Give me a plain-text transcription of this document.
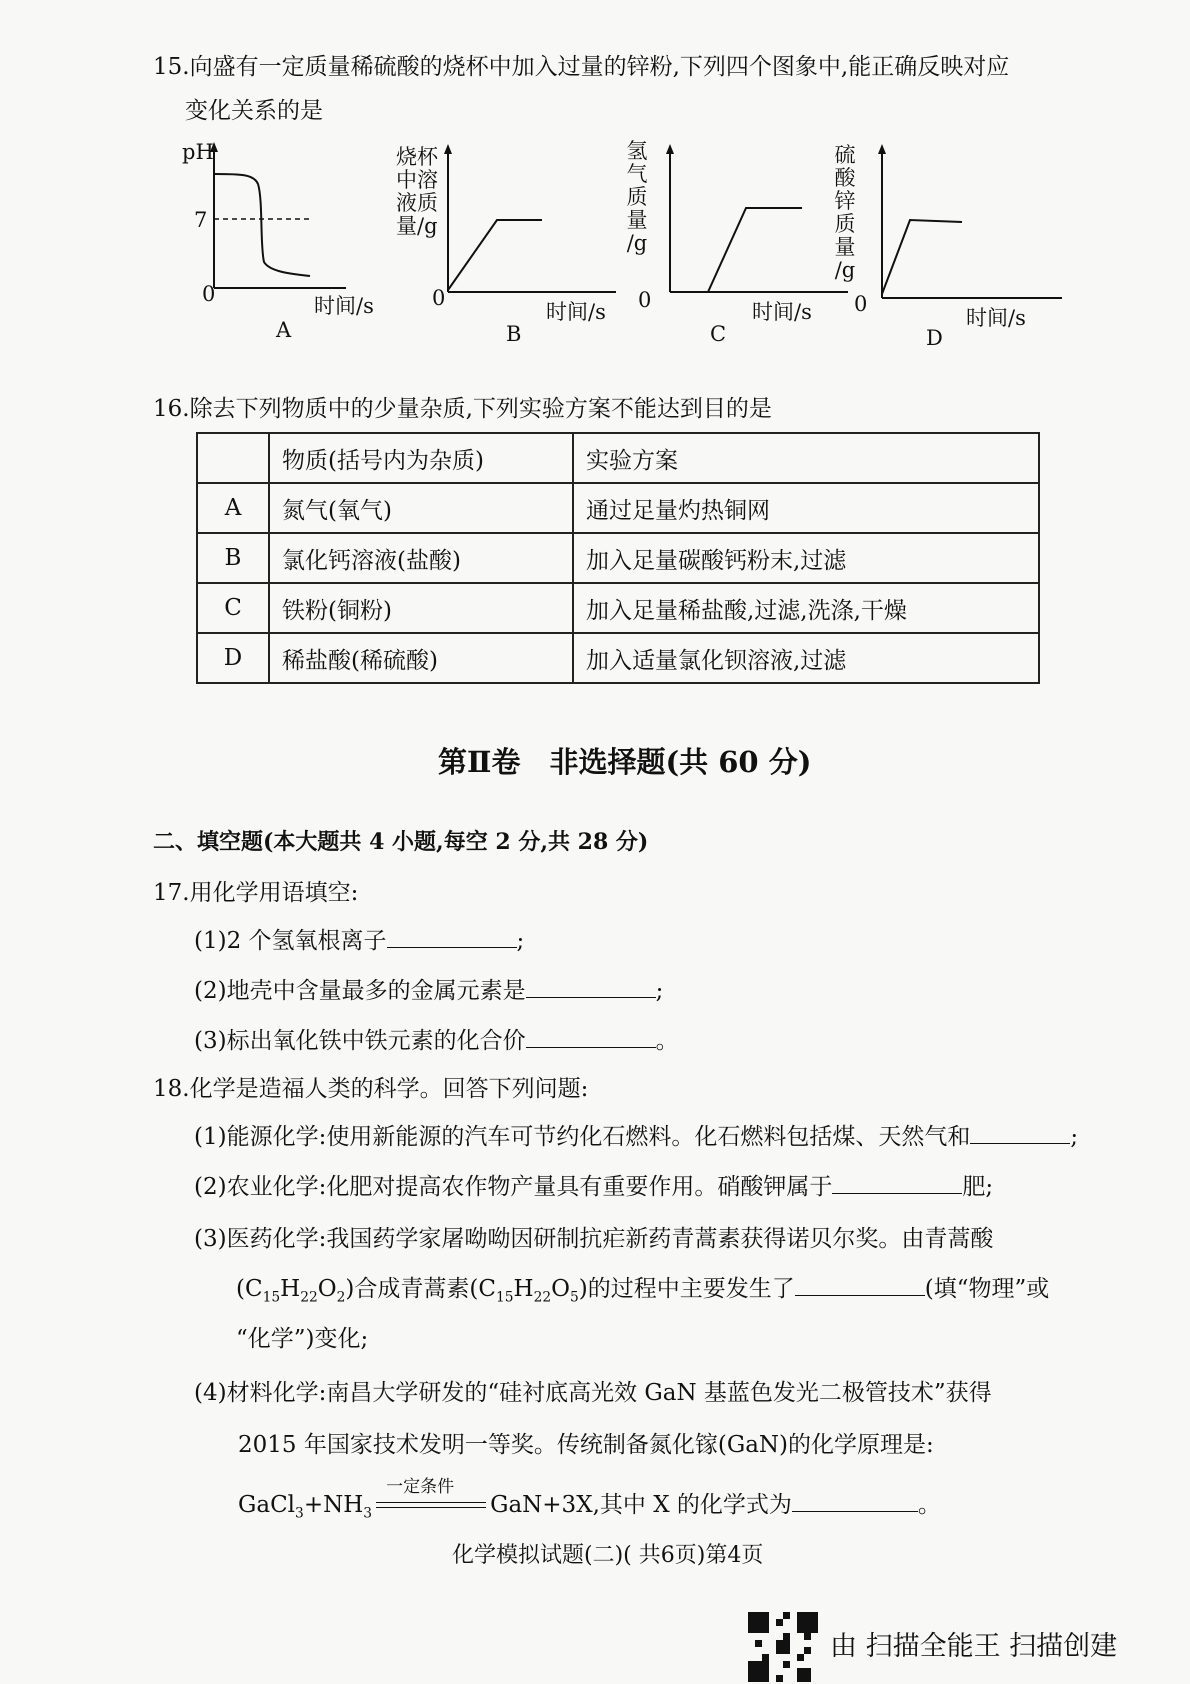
15.向盛有一定质量稀硫酸的烧杯中加入过量的锌粉,下列四个图象中,能正确反映对应
变化关系的是
pH
7
0	时间/s
A
烧杯
中溶
液质
量/g
0
时间/s
B
氢
气
质
量
/g
0	时间/s
C
硫
酸
锌
质
量
/g
0
时间/s
D
16.除去下列物质中的少量杂质,下列实验方案不能达到目的是
	物质(括号内为杂质)	实验方案
A	氮气(氧气)	通过足量灼热铜网
B	氯化钙溶液(盐酸)	加入足量碳酸钙粉末,过滤
C	铁粉(铜粉)	加入足量稀盐酸,过滤,洗涤,干燥
D	稀盐酸(稀硫酸)	加入适量氯化钡溶液,过滤
第Ⅱ卷　非选择题(共 60 分)
二、填空题(本大题共 4 小题,每空 2 分,共 28 分)
17.用化学用语填空:
(1)2 个氢氧根离子	;
(2)地壳中含量最多的金属元素是	;
(3)标出氧化铁中铁元素的化合价	。
18.化学是造福人类的科学。回答下列问题:
(1)能源化学:使用新能源的汽车可节约化石燃料。化石燃料包括煤、天然气和	;
(2)农业化学:化肥对提高农作物产量具有重要作用。硝酸钾属于	肥;
(3)医药化学:我国药学家屠呦呦因研制抗疟新药青蒿素获得诺贝尔奖。由青蒿酸
$(C_{15}H_{22}O_2)$合成青蒿素$(C_{15}H_{22}O_5)$的过程中主要发生了	(填“物理”或
“化学”)变化;
(4)材料化学:南昌大学研发的“硅衬底高光效 GaN 基蓝色发光二极管技术”获得
2015 年国家技术发明一等奖。传统制备氮化镓(GaN)的化学原理是:
$GaCl_3+NH_3$
一定条件
GaN+3X,其中 X 的化学式为	。
化学模拟试题(二)( 共6页)第4页
由 扫描全能王 扫描创建
